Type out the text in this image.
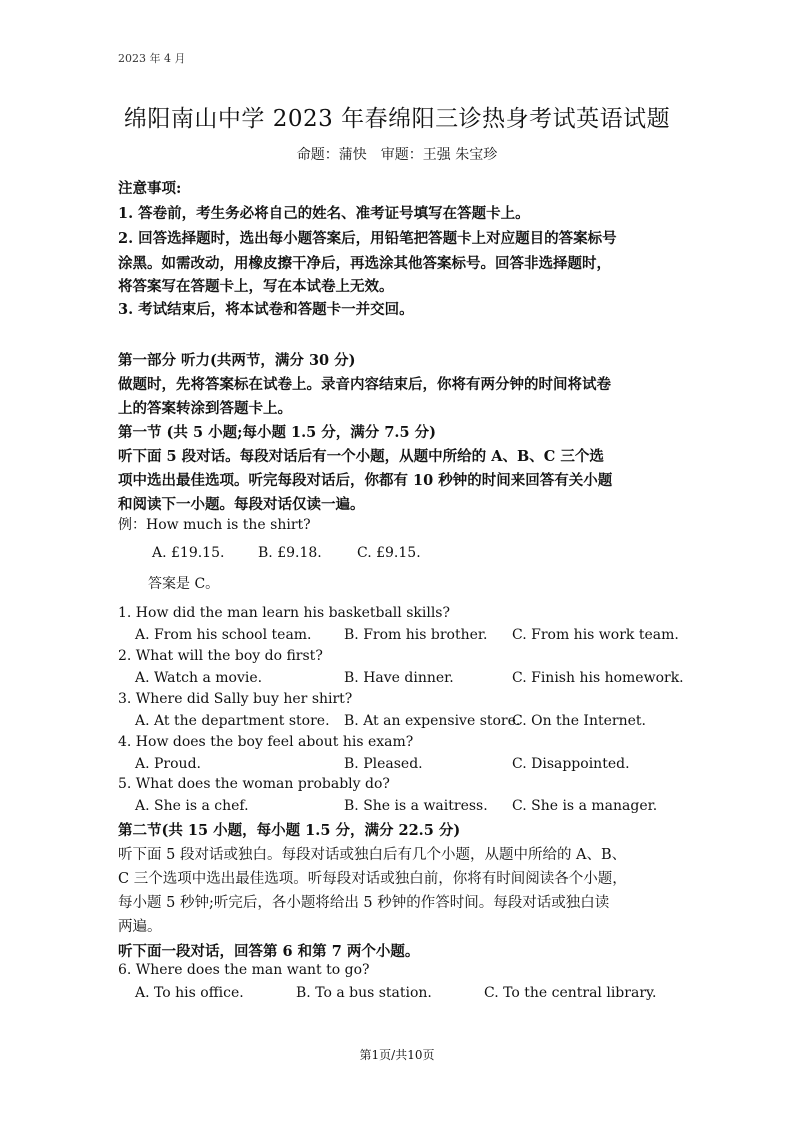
2023 年 4 月
绵阳南山中学 2023 年春绵阳三诊热身考试英语试题
命题：蒲快　审题：王强 朱宝珍
注意事项:
1. 答卷前，考生务必将自己的姓名、准考证号填写在答题卡上。
2. 回答选择题时，选出每小题答案后，用铅笔把答题卡上对应题目的答案标号
涂黑。如需改动，用橡皮擦干净后，再选涂其他答案标号。回答非选择题时，
将答案写在答题卡上，写在本试卷上无效。
3. 考试结束后，将本试卷和答题卡一并交回。
第一部分 听力(共两节，满分 30 分)
做题时，先将答案标在试卷上。录音内容结束后，你将有两分钟的时间将试卷
上的答案转涂到答题卡上。
第一节 (共 5 小题;每小题 1.5 分，满分 7.5 分)
听下面 5 段对话。每段对话后有一个小题，从题中所给的 A、B、C 三个选
项中选出最佳选项。听完每段对话后，你都有 10 秒钟的时间来回答有关小题
和阅读下一小题。每段对话仅读一遍。
例：How much is the shirt?
A. £19.15. B. £9.18.	C. £9.15.
答案是 C。
1. How did the man learn his basketball skills?
A. From his school team. B. From his brother. C. From his work team.
2. What will the boy do first?
A. Watch a movie.	B. Have dinner.	C. Finish his homework.
3. Where did Sally buy her shirt?
A. At the department store. B. At an expensive store.
C. On the Internet.
4. How does the boy feel about his exam?
A. Proud.	B. Pleased.	C. Disappointed.
5. What does the woman probably do?
A. She is a chef.	B. She is a waitress. C. She is a manager.
第二节(共 15 小题，每小题 1.5 分，满分 22.5 分)
听下面 5 段对话或独白。每段对话或独白后有几个小题，从题中所给的 A、B、
C 三个选项中选出最佳选项。听每段对话或独白前，你将有时间阅读各个小题，
每小题 5 秒钟;听完后，各小题将给出 5 秒钟的作答时间。每段对话或独白读
两遍。
听下面一段对话，回答第 6 和第 7 两个小题。
6. Where does the man want to go?
A. To his office.	B. To a bus station.	C. To the central library.
第1页/共10页
